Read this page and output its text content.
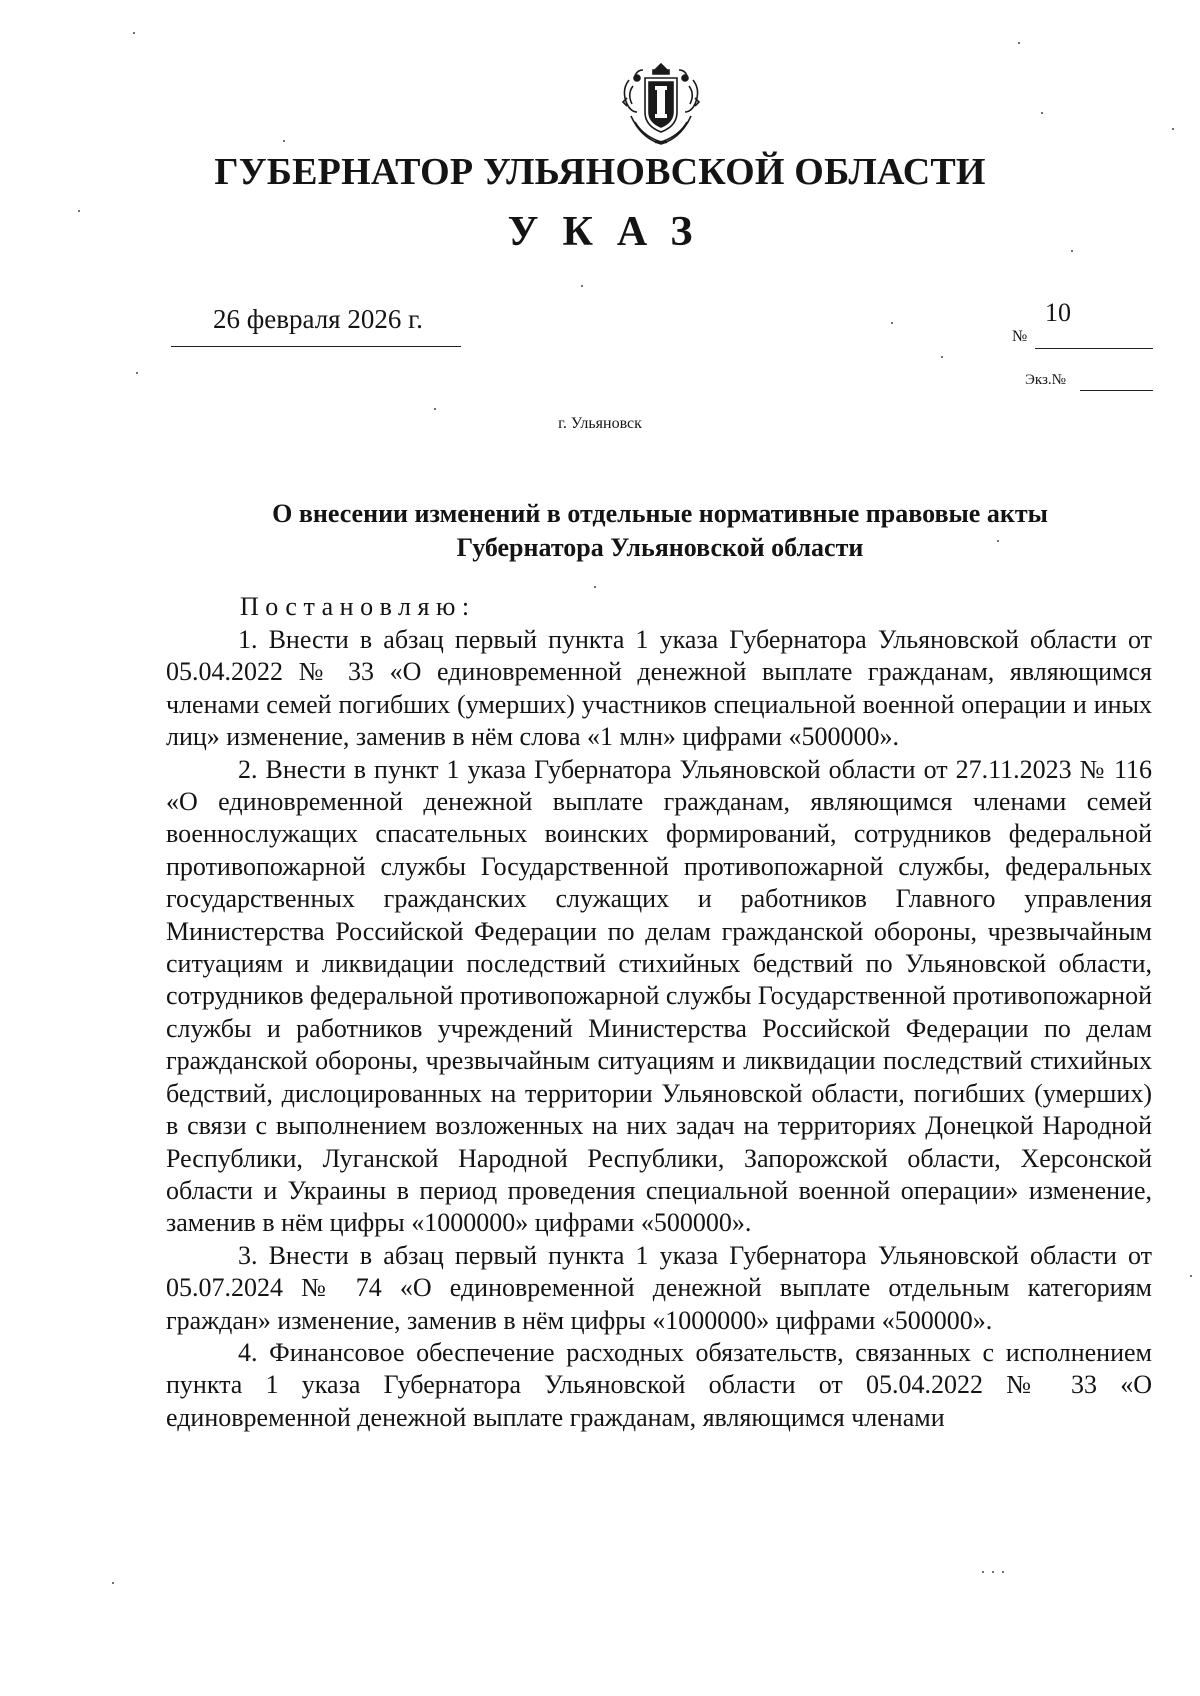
ГУБЕРНАТОР УЛЬЯНОВСКОЙ ОБЛАСТИ
УКАЗ
26 февраля 2026 г.	10
№
Экз.№
г. Ульяновск
О внесении изменений в отдельные нормативные правовые акты
Губернатора Ульяновской области
Постановляю:

1. Внести в абзац первый пункта 1 указа Губернатора Ульяновской области от 05.04.2022 № 33 «О единовременной денежной выплате гражданам, являющимся членами семей погибших (умерших) участников специальной военной операции и иных лиц» изменение, заменив в нём слова «1 млн» цифрами «500000».

2. Внести в пункт 1 указа Губернатора Ульяновской области от 27.11.2023 № 116 «О единовременной денежной выплате гражданам, являющимся членами семей военнослужащих спасательных воинских формирований, сотрудников федеральной противопожарной службы Государственной противопожарной службы, федеральных государственных гражданских служащих и работников Главного управления Министерства Российской Федерации по делам гражданской обороны, чрезвычайным ситуациям и ликвидации последствий стихийных бедствий по Ульяновской области, сотрудников федеральной противопожарной службы Государственной противопожарной службы и работников учреждений Министерства Российской Федерации по делам гражданской обороны, чрезвычайным ситуациям и ликвидации последствий стихийных бедствий, дислоцированных на территории Ульяновской области, погибших (умерших) в связи с выполнением возложенных на них задач на территориях Донецкой Народной Республики, Луганской Народной Республики, Запорожской области, Херсонской области и Украины в период проведения специальной военной операции» изменение, заменив в нём цифры «1000000» цифрами «500000».

3. Внести в абзац первый пункта 1 указа Губернатора Ульяновской области от 05.07.2024 № 74 «О единовременной денежной выплате отдельным категориям граждан» изменение, заменив в нём цифры «1000000» цифрами «500000».

4. Финансовое обеспечение расходных обязательств, связанных с исполнением пункта 1 указа Губернатора Ульяновской области от 05.04.2022 № 33 «О единовременной денежной выплате гражданам, являющимся членами
